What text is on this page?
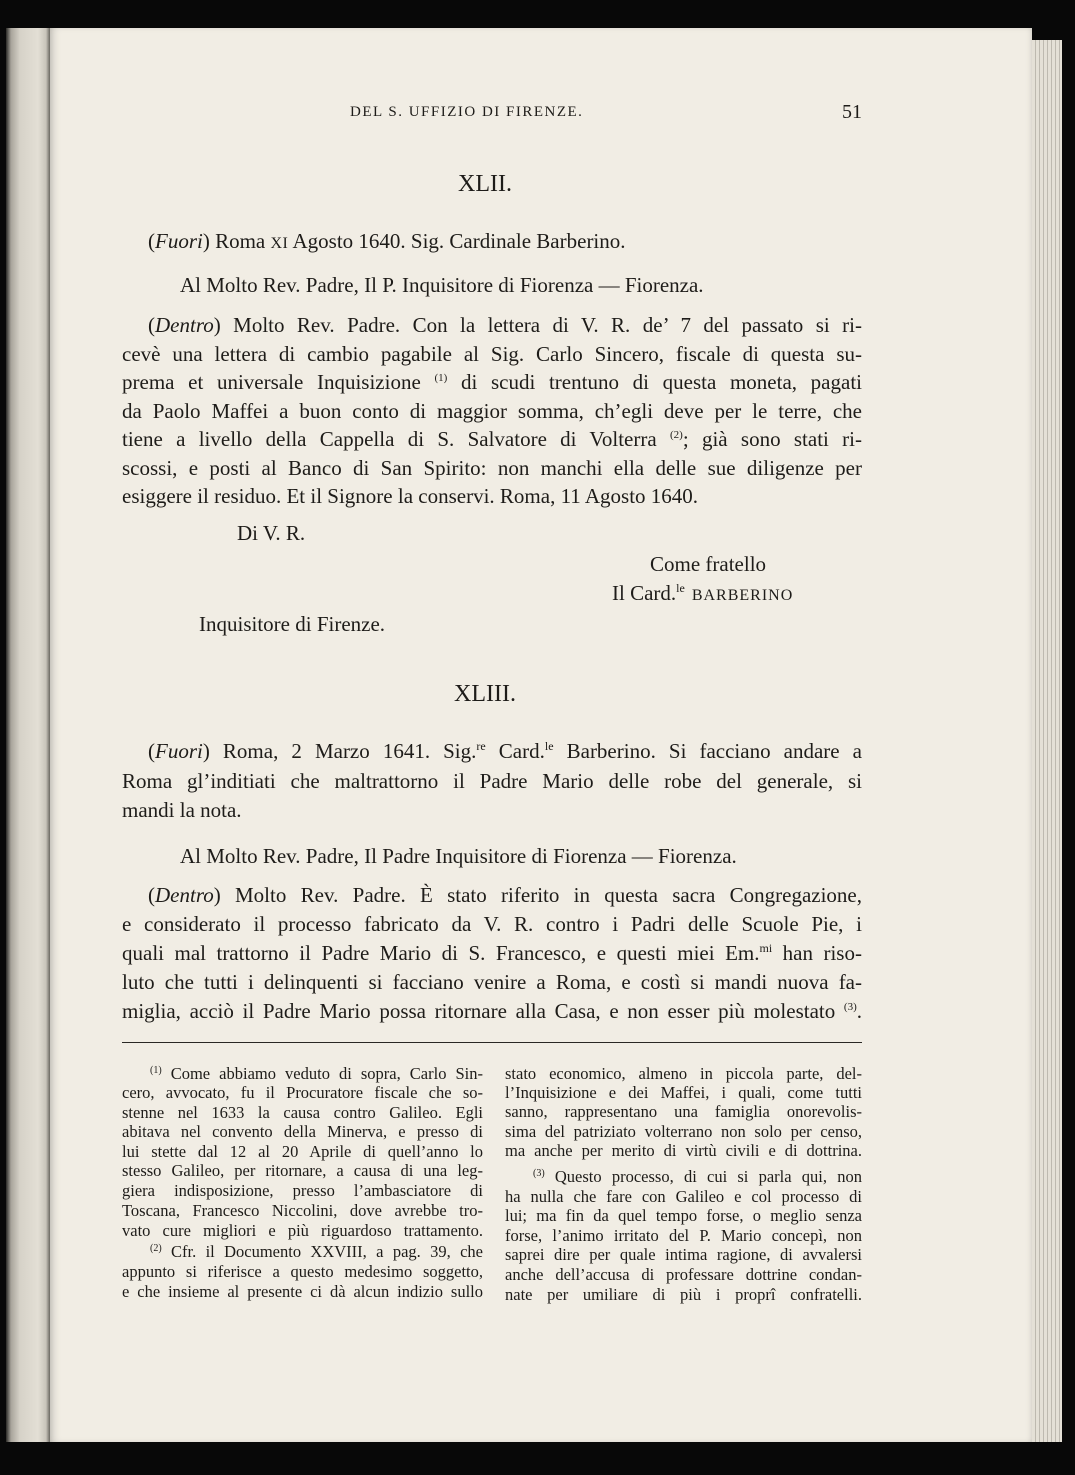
DEL S. UFFIZIO DI FIRENZE.	51
XLII.
(Fuori) Roma XI Agosto 1640. Sig. Cardinale Barberino.
Al Molto Rev. Padre, Il P. Inquisitore di Fiorenza — Fiorenza.
(Dentro) Molto Rev. Padre. Con la lettera di V. R. de’ 7 del passato si ri-
cevè una lettera di cambio pagabile al Sig. Carlo Sincero, fiscale di questa su-
prema et universale Inquisizione $^{(1)}$ di scudi trentuno di questa moneta, pagati
da Paolo Maffei a buon conto di maggior somma, ch’egli deve per le terre, che
tiene a livello della Cappella di S. Salvatore di Volterra $^{(2)}$; già sono stati ri-
scossi, e posti al Banco di San Spirito: non manchi ella delle sue diligenze per
esiggere il residuo. Et il Signore la conservi. Roma, 11 Agosto 1640.
Di V. R.
Come fratello
Il Card.$^{le}$ BARBERINO
Inquisitore di Firenze.
XLIII.
(Fuori) Roma, 2 Marzo 1641. Sig.$^{re}$ Card.$^{le}$ Barberino. Si facciano andare a
Roma gl’inditiati che maltrattorno il Padre Mario delle robe del generale, si
mandi la nota.
Al Molto Rev. Padre, Il Padre Inquisitore di Fiorenza — Fiorenza.
(Dentro) Molto Rev. Padre. È stato riferito in questa sacra Congregazione,
e considerato il processo fabricato da V. R. contro i Padri delle Scuole Pie, i
quali mal trattorno il Padre Mario di S. Francesco, e questi miei Em.$^{mi}$ han riso-
luto che tutti i delinquenti si facciano venire a Roma, e costì si mandi nuova fa-
miglia, acciò il Padre Mario possa ritornare alla Casa, e non esser più molestato $^{(3)}$.
$^{(1)}$ Come abbiamo veduto di sopra, Carlo Sin-
cero, avvocato, fu il Procuratore fiscale che so-
stenne nel 1633 la causa contro Galileo. Egli
abitava nel convento della Minerva, e presso di
lui stette dal 12 al 20 Aprile di quell’anno lo
stesso Galileo, per ritornare, a causa di una leg-
giera indisposizione, presso l’ambasciatore di
Toscana, Francesco Niccolini, dove avrebbe tro-
vato cure migliori e più riguardoso trattamento.
$^{(2)}$ Cfr. il Documento XXVIII, a pag. 39, che
appunto si riferisce a questo medesimo soggetto,
e che insieme al presente ci dà alcun indizio sullo
stato economico, almeno in piccola parte, del-
l’Inquisizione e dei Maffei, i quali, come tutti
sanno, rappresentano una famiglia onorevolis-
sima del patriziato volterrano non solo per censo,
ma anche per merito di virtù civili e di dottrina.
$^{(3)}$ Questo processo, di cui si parla qui, non
ha nulla che fare con Galileo e col processo di
lui; ma fin da quel tempo forse, o meglio senza
forse, l’animo irritato del P. Mario concepì, non
saprei dire per quale intima ragione, di avvalersi
anche dell’accusa di professare dottrine condan-
nate per umiliare di più i proprî confratelli.
